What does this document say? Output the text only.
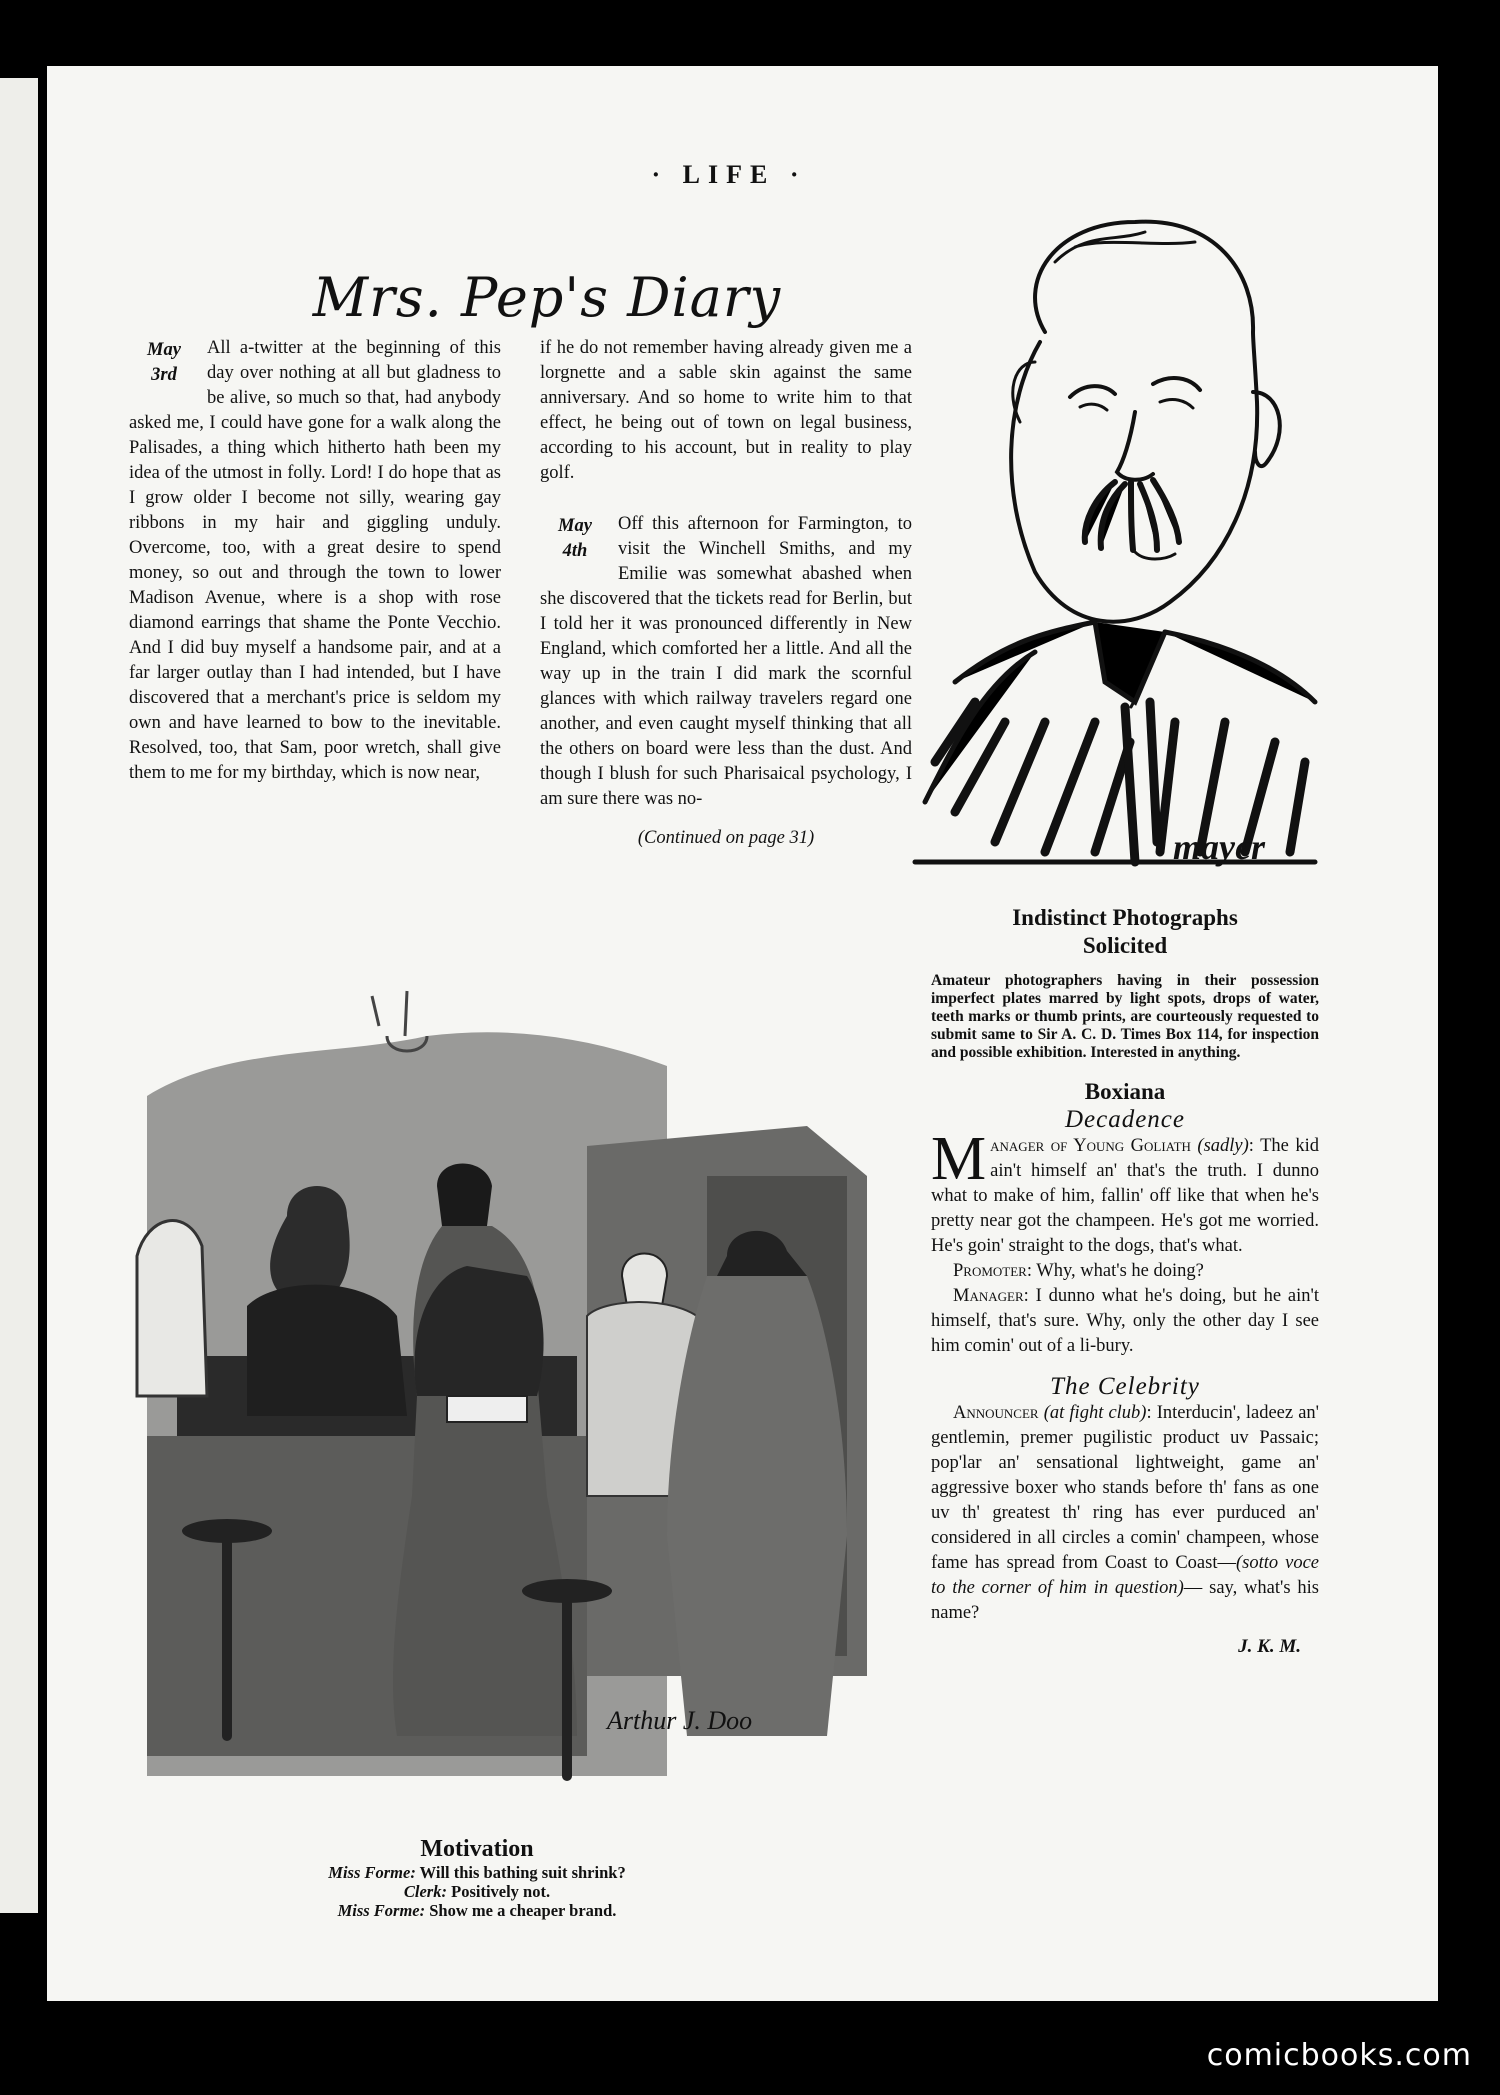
· LIFE ·
Mrs. Pep's Diary

May
3rd
All a-twitter at the beginning of this day over nothing at all but gladness to be alive, so much so that, had anybody asked me, I could have gone for a walk along the Palisades, a thing which hitherto hath been my idea of the utmost in folly. Lord! I do hope that as I grow older I become not silly, wearing gay ribbons in my hair and giggling unduly. Overcome, too, with a great desire to spend money, so out and through the town to lower Madison Avenue, where is a shop with rose diamond earrings that shame the Ponte Vecchio. And I did buy myself a handsome pair, and at a far larger outlay than I had intended, but I have discovered that a merchant's price is seldom my own and have learned to bow to the inevitable. Resolved, too, that Sam, poor wretch, shall give them to me for my birthday, which is now near,

if he do not remember having already given me a lorgnette and a sable skin against the same anniversary. And so home to write him to that effect, he being out of town on legal business, according to his account, but in reality to play golf.

May
4th
Off this afternoon for Farmington, to visit the Winchell Smiths, and my Emilie was somewhat abashed when she discovered that the tickets read for Berlin, but I told her it was pronounced differently in New England, which comforted her a little. And all the way up in the train I did mark the scornful glances with which railway travelers regard one another, and even caught myself thinking that all the others on board were less than the dust. And though I blush for such Pharisaical psychology, I am sure there was no-

(Continued on page 31)	mayer
Indistinct Photographs Solicited
Amateur photographers having in their possession imperfect plates marred by light spots, drops of water, teeth marks or thumb prints, are courteously requested to submit same to Sir A. C. D. Times Box 114, for inspection and possible exhibition. Interested in anything.
Boxiana
Decadence

Manager of Young Goliath (sadly): The kid ain't himself an' that's the truth. I dunno what to make of him, fallin' off like that when he's pretty near got the champeen. He's got me worried. He's goin' straight to the dogs, that's what.

Promoter: Why, what's he doing?

Manager: I dunno what he's doing, but he ain't himself, that's sure. Why, only the other day I see him comin' out of a li-bury.

The Celebrity

Announcer (at fight club): Interducin', ladeez an' gentlemin, premer pugilistic product uv Passaic; pop'lar an' sensational lightweight, game an' aggressive boxer who stands before th' fans as one uv th' greatest th' ring has ever purduced an' considered in all circles a comin' champeen, whose fame has spread from Coast to Coast—(sotto voce to the corner of him in question)— say, what's his name?

J. K. M.
Arthur J. Doo
Motivation
Miss Forme: Will this bathing suit shrink?
Clerk: Positively not.
Miss Forme: Show me a cheaper brand.
comicbooks.com
